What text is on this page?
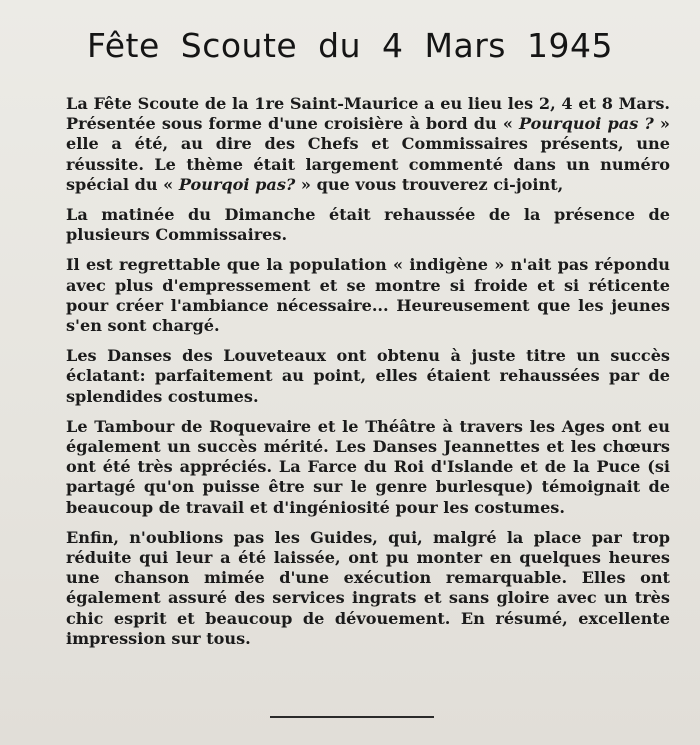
Fête Scoute du 4 Mars 1945

La Fête Scoute de la 1re Saint-Maurice a eu lieu les 2, 4 et 8 Mars. Présentée sous forme d'une croisière à bord du « Pourquoi pas ? » elle a été, au dire des Chefs et Commissaires présents, une réussite. Le thème était largement commenté dans un numéro spécial du « Pourqoi pas? » que vous trouverez ci-joint,

La matinée du Dimanche était rehaussée de la présence de plusieurs Commissaires.

Il est regrettable que la population « indigène » n'ait pas répondu avec plus d'empressement et se montre si froide et si réticente pour créer l'ambiance nécessaire... Heureusement que les jeunes s'en sont chargé.

Les Danses des Louveteaux ont obtenu à juste titre un succès éclatant: parfaitement au point, elles étaient rehaussées par de splendides costumes.

Le Tambour de Roquevaire et le Théâtre à travers les Ages ont eu également un succès mérité. Les Danses Jeannettes et les chœurs ont été très appréciés. La Farce du Roi d'Islande et de la Puce (si partagé qu'on puisse être sur le genre burlesque) témoignait de beaucoup de travail et d'ingéniosité pour les costumes.

Enfin, n'oublions pas les Guides, qui, malgré la place par trop réduite qui leur a été laissée, ont pu monter en quelques heures une chanson mimée d'une exécution remarquable. Elles ont également assuré des services ingrats et sans gloire avec un très chic esprit et beaucoup de dévouement. En résumé, excellente impression sur tous.
